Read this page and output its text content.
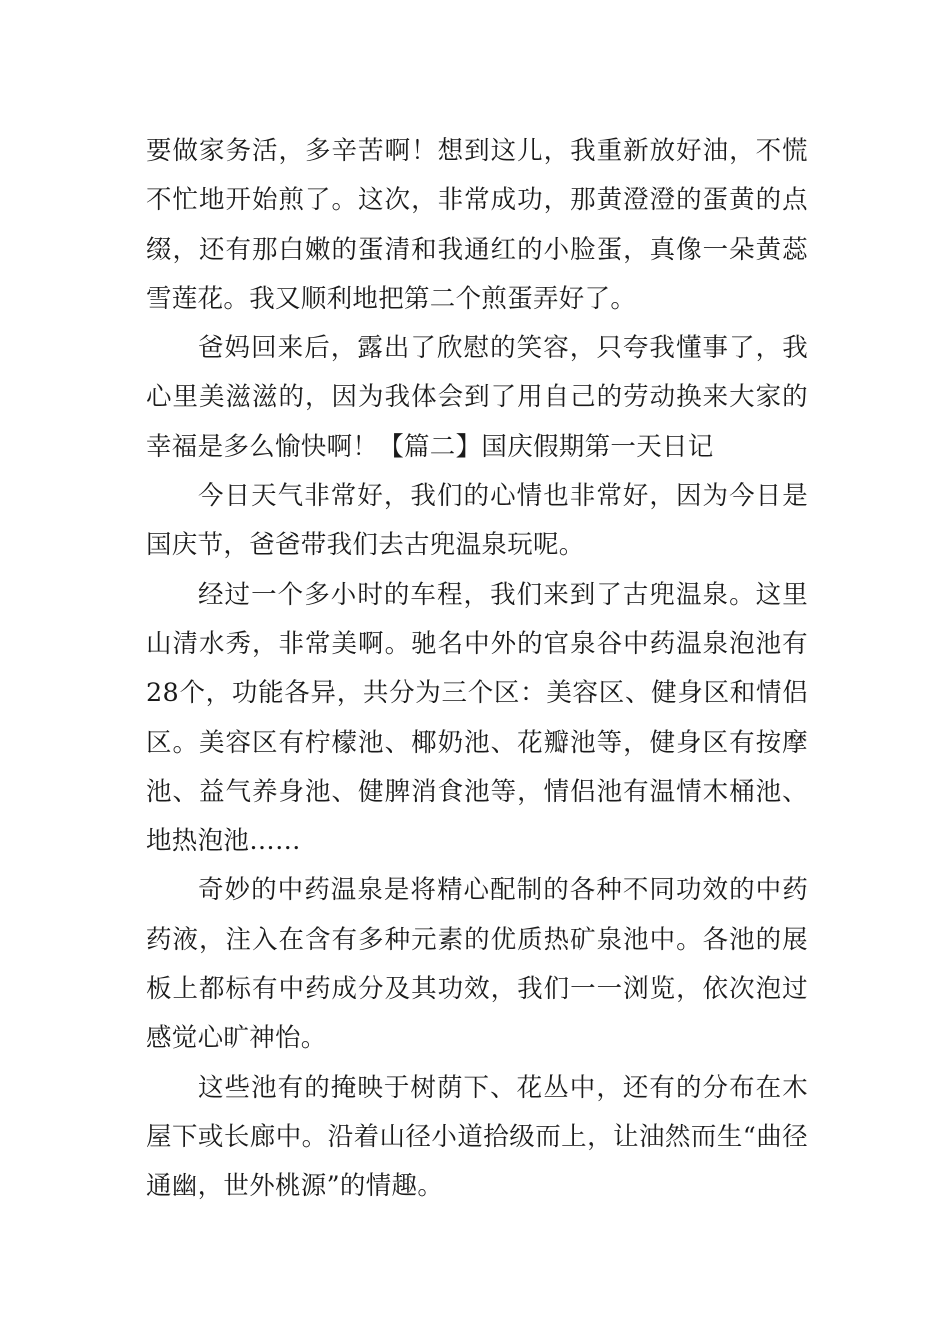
要做家务活，多辛苦啊！想到这儿，我重新放好油，不慌不忙地开始煎了。这次，非常成功，那黄澄澄的蛋黄的点缀，还有那白嫩的蛋清和我通红的小脸蛋，真像一朵黄蕊雪莲花。我又顺利地把第二个煎蛋弄好了。

爸妈回来后，露出了欣慰的笑容，只夸我懂事了，我心里美滋滋的，因为我体会到了用自己的劳动换来大家的幸福是多么愉快啊！【篇二】国庆假期第一天日记

今日天气非常好，我们的心情也非常好，因为今日是国庆节，爸爸带我们去古兜温泉玩呢。

经过一个多小时的车程，我们来到了古兜温泉。这里山清水秀，非常美啊。驰名中外的官泉谷中药温泉泡池有28个，功能各异，共分为三个区：美容区、健身区和情侣区。美容区有柠檬池、椰奶池、花瓣池等，健身区有按摩池、益气养身池、健脾消食池等，情侣池有温情木桶池、地热泡池……

奇妙的中药温泉是将精心配制的各种不同功效的中药药液，注入在含有多种元素的优质热矿泉池中。各池的展板上都标有中药成分及其功效，我们一一浏览，依次泡过感觉心旷神怡。

这些池有的掩映于树荫下、花丛中，还有的分布在木屋下或长廊中。沿着山径小道拾级而上，让油然而生“曲径通幽，世外桃源”的情趣。
